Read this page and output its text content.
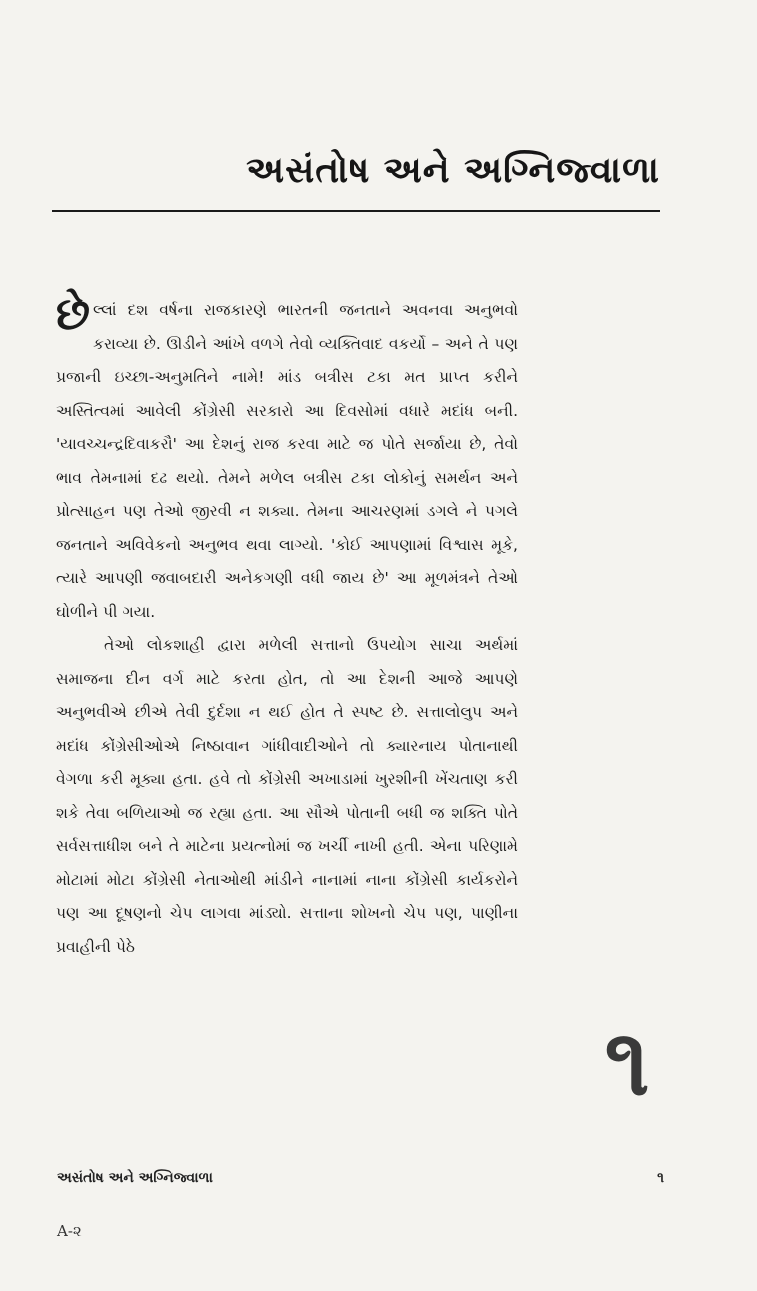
અસંતોષ અને અગ્નિજ્વાળા

છેલ્લાં દશ વર્ષના રાજકારણે ભારતની જનતાને અવનવા અનુભવો કરાવ્યા છે. ઊડીને આંખે વળગે તેવો વ્યક્તિવાદ વકર્યો – અને તે પણ પ્રજાની ઇચ્છા-અનુમતિને નામે! માંડ બત્રીસ ટકા મત પ્રાપ્ત કરીને અસ્તિત્વમાં આવેલી કોંગ્રેસી સરકારો આ દિવસોમાં વધારે મદાંધ બની. 'યાવચ્ચન્દ્રદિવાકરૌ' આ દેશનું રાજ કરવા માટે જ પોતે સર્જાયા છે, તેવો ભાવ તેમનામાં દઢ થયો. તેમને મળેલ બત્રીસ ટકા લોકોનું સમર્થન અને પ્રોત્સાહન પણ તેઓ જીરવી ન શક્યા. તેમના આચરણમાં ડગલે ને પગલે જનતાને અવિવેકનો અનુભવ થવા લાગ્યો. 'કોઈ આપણામાં વિશ્વાસ મૂકે, ત્યારે આપણી જવાબદારી અનેકગણી વધી જાય છે' આ મૂળમંત્રને તેઓ ઘોળીને પી ગયા.

તેઓ લોકશાહી દ્વારા મળેલી સત્તાનો ઉપયોગ સાચા અર્થમાં સમાજના દીન વર્ગ માટે કરતા હોત, તો આ દેશની આજે આપણે અનુભવીએ છીએ તેવી દુર્દશા ન થઈ હોત તે સ્પષ્ટ છે. સત્તાલોલુપ અને મદાંધ કોંગ્રેસીઓએ નિષ્ઠાવાન ગાંધીવાદીઓને તો ક્યારનાય પોતાનાથી વેગળા કરી મૂક્યા હતા. હવે તો કોંગ્રેસી અખાડામાં ખુરશીની ખેંચતાણ કરી શકે તેવા બળિયાઓ જ રહ્યા હતા. આ સૌએ પોતાની બધી જ શક્તિ પોતે સર્વસત્તાધીશ બને તે માટેના પ્રયત્નોમાં જ ખર્ચી નાખી હતી. એના પરિણામે મોટામાં મોટા કોંગ્રેસી નેતાઓથી માંડીને નાનામાં નાના કોંગ્રેસી કાર્યકરોને પણ આ દૂષણનો ચેપ લાગવા માંડ્યો. સત્તાના શોખનો ચેપ પણ, પાણીના પ્રવાહીની પેઠે

૧
અસંતોષ અને અગ્નિજ્વાળા	૧
A-૨
